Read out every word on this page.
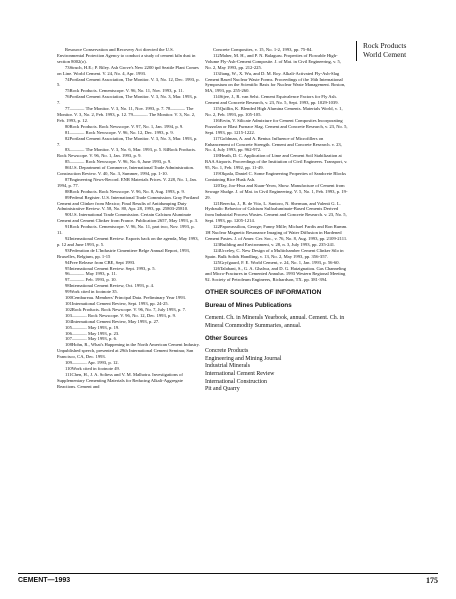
Resource Conservation and Recovery Act directed the U.S. Environmental Protection Agency to conduct a study of cement kiln dust in section 8002(o).

73Struch, H.E.; P. Riley. Ash Grove's New 2200 tpd Seattle Plant Comes on Line. World Cement. V. 24, No. 4, Apr. 1993.

74Portland Cement Association, The Monitor. V. 3, No. 12, Dec. 1993, p. 5.

75Rock Products. Cementscope. V. 96, No. 11, Nov. 1993, p. 11.

76Portland Cement Association, The Monitor. V. 3, No. 3, Mar. 1993, p. 7.

77———. The Monitor. V. 3, No. 11, Nov. 1993, p. 7. 78———. The Monitor. V. 3, No. 2, Feb. 1993, p. 12. 79———. The Monitor. V. 3, No. 2, Feb. 1993, p. 12.

80Rock Products. Rock Newscope. V. 97, No. 1, Jan. 1994, p. 9.

81———. Rock Newscope. V. 96, No. 12, Dec. 1993, p. 9.

82Portland Cement Association, The Monitor. V. 3, No. 3, Mar. 1993, p. 7.

83———. The Monitor. V. 3, No. 6, Mar. 1993, p. 5. 84Rock Products. Rock Newscope. V. 96, No. 1, Jan. 1993, p. 9.

85———. Rock Newscope. V. 96, No. 6, June 1993, p. 9.

86U.S. Department of Commerce, International Trade Administration. Construction Review. V. 40, No. 3, Summer, 1994, pp. 1-10.

87Engineering News-Record. ENR Materials Prices. V. 228, No. 1, Jan. 1994, p. 77.

88Rock Products. Rock Newscope. V. 96, No. 8, Aug. 1993, p. 9.

89Federal Register. U.S. International Trade Commission. Gray Portland Cement and Clinker from Mexico; Final Results of Antidumping Duty Administrative Review. V. 58, No. 80, Apr. 28, 1993, pp. 25803-25810.

90U.S. International Trade Commission. Certain Calcium Aluminate Cement and Cement Clinker from France. Publication 2657, May 1993, p. 3.

91Rock Products. Cementscope. V. 96, No. 11, part two, Nov. 1993, p. 11.

92International Cement Review. Exports back on the agenda, May 1993, p. 12 and June 1993, p. 5.

93Federation de L'Industrie Cimentiere Belge Annual Report, 1993, Bruxelles, Belgium, pp. 1-15

94Free Release from CBE, Sept 1993.

95International Cement Review. Sept. 1993, p. 5.

96———. May 1993, p. 11.

97———. Feb. 1993, p. 10.

98International Cement Review, Oct. 1993, p. 4.

99Work cited in footnote 35.

100Cembureau. Members' Principal Data. Preliminary Year 1993.

101International Cement Review, Sept. 1993, pp. 24-25.

102Rock Products. Rock Newscope. V. 96, No. 7, July 1993, p. 7.

103———. Rock Newscope. V. 96, No. 12, Dec. 1993, p. 9.

104International Cement Review, May 1993, p. 27.

105———. May 1993, p. 19.

106———. May 1993, p. 23.

107———. May 1993, p. 6.

108Hohn, R., What's Happening in the North American Cement Industry. Unpublished speech, presented at 29th International Cement Seminar, San Francisco, CA, Dec. 1993.

109———. Apr. 1993, p. 12.

110Work cited in footnote 49.

111Chen, H., J. A. Soltess and V. M. Malhotra. Investigations of Supplementary Cementing Materials for Reducing Alkali-Aggregate Reactions. Cement and

Concrete Composites, v. 15, No. 1-2, 1993, pp. 75-84.

112Maher, M. H., and P. N. Balaguru. Properties of Flowable High-Volume Fly-Ash-Cement Composite. J. of Mat. in Civil Engineering, v. 5, No. 2, May 1993, pp. 212-225.

113Jiang, W., X. Wu, and D. M. Roy. Alkali-Activated Fly-Ash-Slag Cement Based Nuclear Waste Forms. Proceedings of the 16th International Symposium on the Scientific Basis for Nuclear Waste Management. Boston, MA, 1993, pp. 255-260.

114Sijee, J., R. van Selst. Cement Equivalence Factors for Fly Ash. Cement and Concrete Research, v. 23, No. 5, Sept. 1993, pp. 1029-1039.

115Quillin, K. Blended High Alumina Cements. Materials World, v. 1, No. 2, Feb. 1993, pp. 105-105.

116Ervin, V. Silicate Admixture for Cement Composites Incorporating Pozzolan or Blast Furnace Slag. Cement and Concrete Research, v. 23, No. 5, Sept. 1993, pp. 1215-1222.

117Goldman, A. and A. Bentur. Influence of Microfillers on Enhancement of Concrete Strength. Cement and Concrete Research. v. 23, No. 4, July 1993, pp. 962-972.

118Heath, D. C. Application of Lime and Cement Soil Stabilization at BAA Airports. Proceedings of the Institution of Civil Engineers. Transport, v. 95, No. 1, Feb. 1992, pp. 11-49.

119Okpala, Daniel C. Some Engineering Properties of Sandcrete Blocks Containing Rice Husk Ash.

120Tay, Joo-Hwa and Kuan-Yeow, Show. Manufacture of Cement from Sewage Sludge. J. of Mat. in Civil Engineering. V. 5, No. 1, Feb. 1993, p. 19-29.

121Berecka, J., B. de Vito, L. Santoro, N. Sherman, and Valenti G. L. Hydraulic Behavior of Calcium Sulfoaluminate-Based Cements Derived from Industrial Process Wastes. Cement and Concrete Research. v. 23, No. 5, Sept. 1993, pp. 1205-1214.

122Papavassiliou, George; Fanny Mille; Michael Fardis and Ron Rumm. 1H Nuclear Magnetic Resonance Imaging of Water Diffusion in Hardened Cement Pastes. J. of Amer. Cer. Soc., v. 76, No. 8, Aug. 1993, pp. 2109-2111.

123Building and Environment, v. 28, n. 3, July 1993, pp. 235-241.

124Urceley, C. New Design of a Multichamber Cement Clinker Silo in Spain. Bulk Solids Handling, v. 13, No. 2, May 1993, pp. 356-357.

125Gryfgaard, F. E. World Cement, v. 24, No. 1, Jan. 1993, p. 56-60.

126Talabani, S., G. A. Ghalwa, and D. G. Hatzignatiou. Gas Channeling and Micro-Fractures in Cemented Annulus. 1993 Western Regional Meeting 92. Society of Petroleum Engineers, Richardson, TX. pp. 381-394.

OTHER SOURCES OF INFORMATION
Bureau of Mines Publications

Cement. Ch. in Minerals Yearbook, annual. Cement. Ch. in Mineral Commodity Summaries, annual.

Other Sources
Concrete Products
Engineering and Mining Journal
Industrial Minerals
International Cement Review
International Construction
Pit and Quarry
Rock Products
World Cement
CEMENT—1993	175
